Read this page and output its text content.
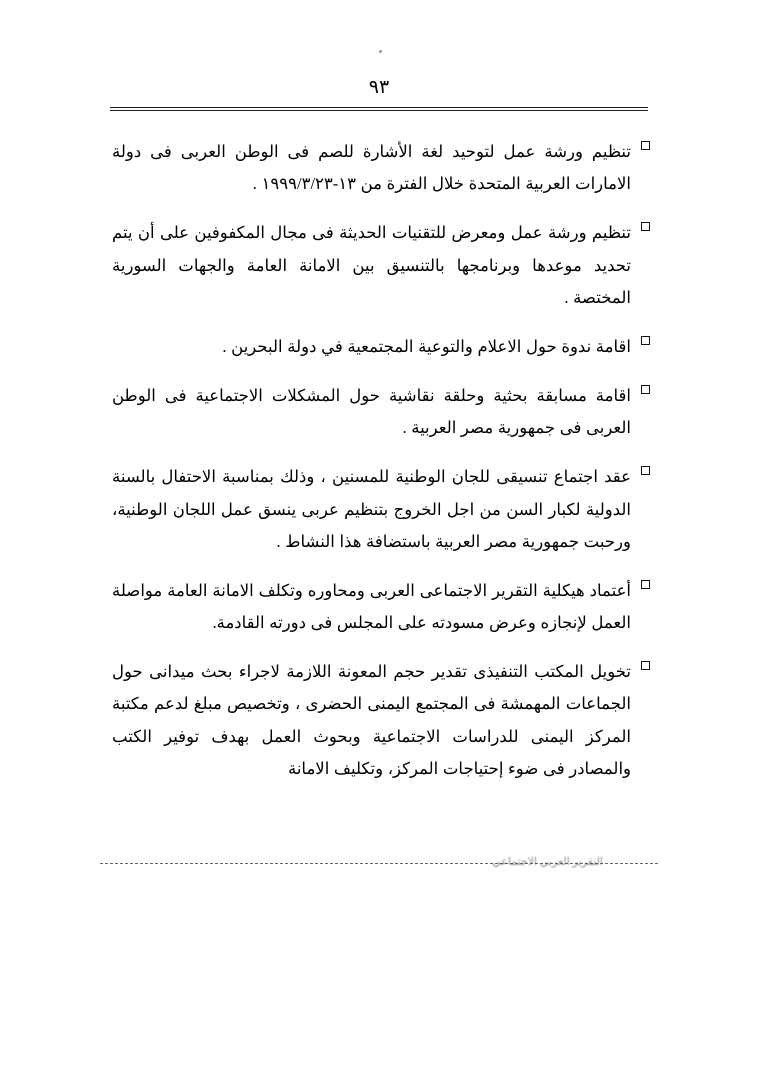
٩٣
تنظيم ورشة عمل لتوحيد لغة الأشارة للصم فى الوطن العربى فى دولة الامارات العربية المتحدة خلال الفترة من ١٣-١٩٩٩/٣/٢٣ .
تنظيم ورشة عمل ومعرض للتقنيات الحديثة فى مجال المكفوفين على أن يتم تحديد موعدها وبرنامجها بالتنسيق بين الامانة العامة والجهات السورية المختصة .
اقامة ندوة حول الاعلام والتوعية المجتمعية في دولة البحرين .
اقامة مسابقة بحثية وحلقة نقاشية حول المشكلات الاجتماعية فى الوطن العربى فى جمهورية مصر العربية .
عقد اجتماع تنسيقى للجان الوطنية للمسنين ، وذلك بمناسبة الاحتفال بالسنة الدولية لكبار السن من اجل الخروج بتنظيم عربى ينسق عمل اللجان الوطنية، ورحبت جمهورية مصر العربية باستضافة هذا النشاط .
أعتماد هيكلية التقرير الاجتماعى العربى ومحاوره وتكلف الامانة العامة مواصلة العمل لإنجازه وعرض مسودته على المجلس فى دورته القادمة.
تخويل المكتب التنفيذى تقدير حجم المعونة اللازمة لاجراء بحث ميدانى حول الجماعات المهمشة فى المجتمع اليمنى الحضرى ، وتخصيص مبلغ لدعم مكتبة المركز اليمنى للدراسات الاجتماعية وبحوث العمل بهدف توفير الكتب والمصادر فى ضوء إحتياجات المركز، وتكليف الامانة
التقرير العربي الاجتماعي
